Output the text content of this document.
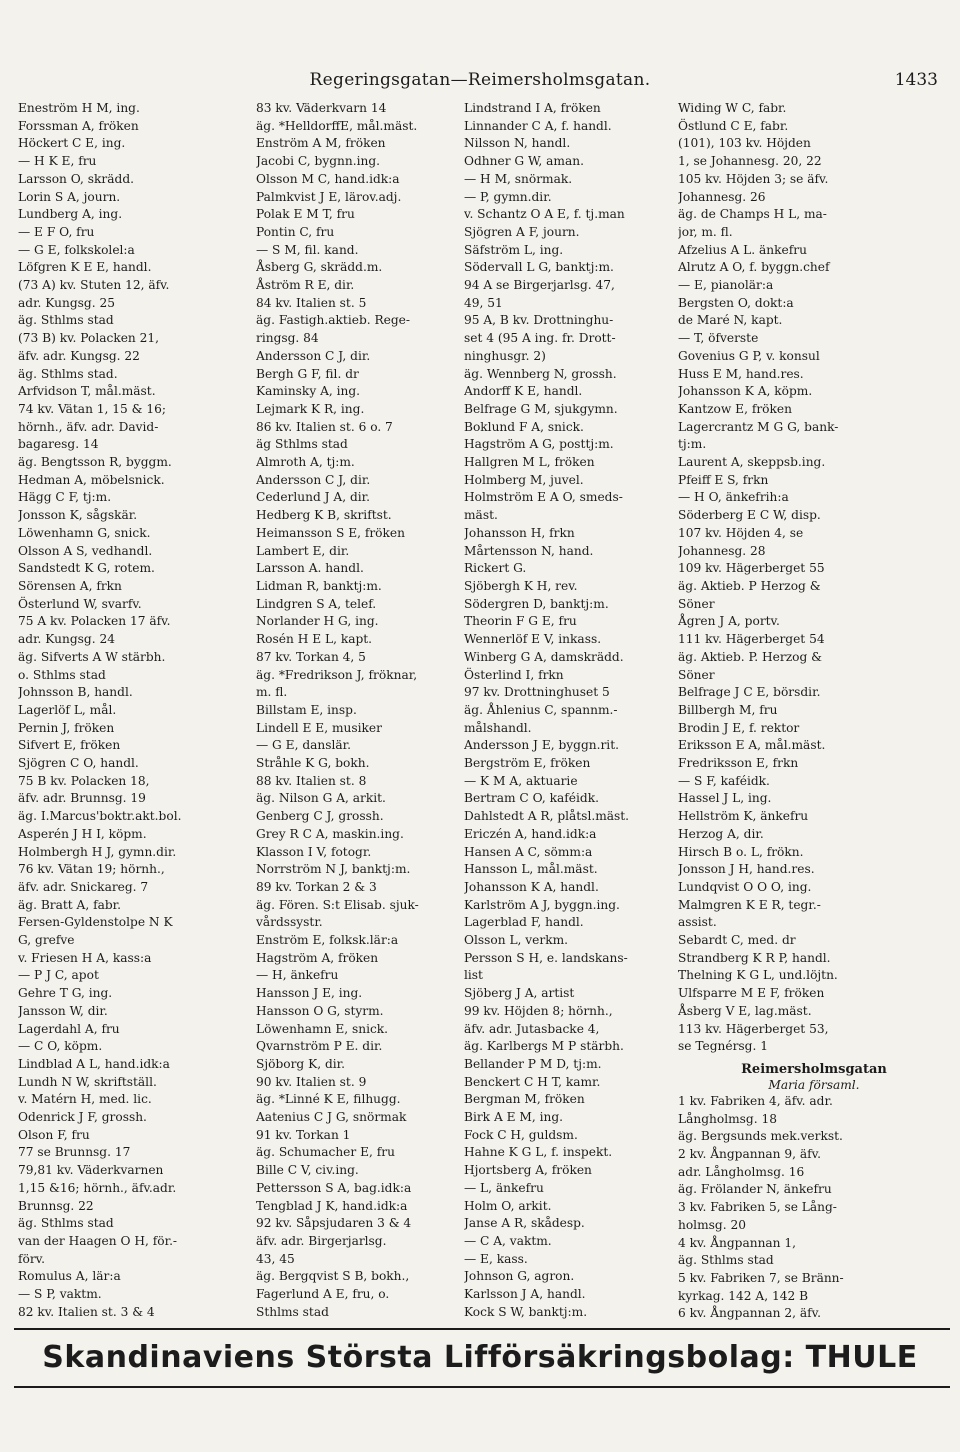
Regeringsgatan—Reimersholmsgatan.	1433

Eneström H M, ing.

Forssman A, fröken

Höckert C E, ing.

— H K E, fru

Larsson O, skrädd.

Lorin S A, journ.

Lundberg A, ing.

— E F O, fru

— G E, folkskolel:a

Löfgren K E E, handl.

(73 A) kv. Stuten 12, äfv.

adr. Kungsg. 25

äg. Sthlms stad

(73 B) kv. Polacken 21,

äfv. adr. Kungsg. 22

äg. Sthlms stad.

Arfvidson T, mål.mäst.

74 kv. Vätan 1, 15 & 16;

hörnh., äfv. adr. David-

bagaresg. 14

äg. Bengtsson R, byggm.

Hedman A, möbelsnick.

Hägg C F, tj:m.

Jonsson K, sågskär.

Löwenhamn G, snick.

Olsson A S, vedhandl.

Sandstedt K G, rotem.

Sörensen A, frkn

Österlund W, svarfv.

75 A kv. Polacken 17 äfv.

adr. Kungsg. 24

äg. Sifverts A W stärbh.

o. Sthlms stad

Johnsson B, handl.

Lagerlöf L, mål.

Pernin J, fröken

Sifvert E, fröken

Sjögren C O, handl.

75 B kv. Polacken 18,

äfv. adr. Brunnsg. 19

äg. I.Marcus'boktr.akt.bol.

Asperén J H I, köpm.

Holmbergh H J, gymn.dir.

76 kv. Vätan 19; hörnh.,

äfv. adr. Snickareg. 7

äg. Bratt A, fabr.

Fersen-Gyldenstolpe N K

G, grefve

v. Friesen H A, kass:a

— P J C, apot

Gehre T G, ing.

Jansson W, dir.

Lagerdahl A, fru

— C O, köpm.

Lindblad A L, hand.idk:a

Lundh N W, skriftställ.

v. Matérn H, med. lic.

Odenrick J F, grossh.

Olson F, fru

77 se Brunnsg. 17

79,81 kv. Väderkvarnen

1,15 &16; hörnh., äfv.adr.

Brunnsg. 22

äg. Sthlms stad

van der Haagen O H, för.-

förv.

Romulus A, lär:a

— S P, vaktm.

82 kv. Italien st. 3 & 4

83 kv. Väderkvarn 14

äg. *HelldorffE, mål.mäst.

Enström A M, fröken

Jacobi C, bygnn.ing.

Olsson M C, hand.idk:a

Palmkvist J E, lärov.adj.

Polak E M T, fru

Pontin C, fru

— S M, fil. kand.

Åsberg G, skrädd.m.

Åström R E, dir.

84 kv. Italien st. 5

äg. Fastigh.aktieb. Rege-

ringsg. 84

Andersson C J, dir.

Bergh G F, fil. dr

Kaminsky A, ing.

Lejmark K R, ing.

86 kv. Italien st. 6 o. 7

äg Sthlms stad

Almroth A, tj:m.

Andersson C J, dir.

Cederlund J A, dir.

Hedberg K B, skriftst.

Heimansson S E, fröken

Lambert E, dir.

Larsson A. handl.

Lidman R, banktj:m.

Lindgren S A, telef.

Norlander H G, ing.

Rosén H E L, kapt.

87 kv. Torkan 4, 5

äg. *Fredrikson J, fröknar,

m. fl.

Billstam E, insp.

Lindell E E, musiker

— G E, danslär.

Stråhle K G, bokh.

88 kv. Italien st. 8

äg. Nilson G A, arkit.

Genberg C J, grossh.

Grey R C A, maskin.ing.

Klasson I V, fotogr.

Norrström N J, banktj:m.

89 kv. Torkan 2 & 3

äg. Fören. S:t Elisab. sjuk-

vårdssystr.

Enström E, folksk.lär:a

Hagström A, fröken

— H, änkefru

Hansson J E, ing.

Hansson O G, styrm.

Löwenhamn E, snick.

Qvarnström P E. dir.

Sjöborg K, dir.

90 kv. Italien st. 9

äg. *Linné K E, filhugg.

Aatenius C J G, snörmak

91 kv. Torkan 1

äg. Schumacher E, fru

Bille C V, civ.ing.

Pettersson S A, bag.idk:a

Tengblad J K, hand.idk:a

92 kv. Såpsjudaren 3 & 4

äfv. adr. Birgerjarlsg.

43, 45

äg. Bergqvist S B, bokh.,

Fagerlund A E, fru, o.

Sthlms stad

Lindstrand I A, fröken

Linnander C A, f. handl.

Nilsson N, handl.

Odhner G W, aman.

— H M, snörmak.

— P, gymn.dir.

v. Schantz O A E, f. tj.man

Sjögren A F, journ.

Säfström L, ing.

Södervall L G, banktj:m.

94 A se Birgerjarlsg. 47,

49, 51

95 A, B kv. Drottninghu-

set 4 (95 A ing. fr. Drott-

ninghusgr. 2)

äg. Wennberg N, grossh.

Andorff K E, handl.

Belfrage G M, sjukgymn.

Boklund F A, snick.

Hagström A G, posttj:m.

Hallgren M L, fröken

Holmberg M, juvel.

Holmström E A O, smeds-

mäst.

Johansson H, frkn

Mårtensson N, hand.

Rickert G.

Sjöbergh K H, rev.

Södergren D, banktj:m.

Theorin F G E, fru

Wennerlöf E V, inkass.

Winberg G A, damskrädd.

Österlind I, frkn

97 kv. Drottninghuset 5

äg. Åhlenius C, spannm.-

målshandl.

Andersson J E, byggn.rit.

Bergström E, fröken

— K M A, aktuarie

Bertram C O, kaféidk.

Dahlstedt A R, plåtsl.mäst.

Ericzén A, hand.idk:a

Hansen A C, sömm:a

Hansson L, mål.mäst.

Johansson K A, handl.

Karlström A J, byggn.ing.

Lagerblad F, handl.

Olsson L, verkm.

Persson S H, e. landskans-

list

Sjöberg J A, artist

99 kv. Höjden 8; hörnh.,

äfv. adr. Jutasbacke 4,

äg. Karlbergs M P stärbh.

Bellander P M D, tj:m.

Benckert C H T, kamr.

Bergman M, fröken

Birk A E M, ing.

Fock C H, guldsm.

Hahne K G L, f. inspekt.

Hjortsberg A, fröken

— L, änkefru

Holm O, arkit.

Janse A R, skådesp.

— C A, vaktm.

— E, kass.

Johnson G, agron.

Karlsson J A, handl.

Kock S W, banktj:m.

Widing W C, fabr.

Östlund C E, fabr.

(101), 103 kv. Höjden

1, se Johannesg. 20, 22

105 kv. Höjden 3; se äfv.

Johannesg. 26

äg. de Champs H L, ma-

jor, m. fl.

Afzelius A L. änkefru

Alrutz A O, f. byggn.chef

— E, pianolär:a

Bergsten O, dokt:a

de Maré N, kapt.

— T, öfverste

Govenius G P, v. konsul

Huss E M, hand.res.

Johansson K A, köpm.

Kantzow E, fröken

Lagercrantz M G G, bank-

tj:m.

Laurent A, skeppsb.ing.

Pfeiff E S, frkn

— H O, änkefrih:a

Söderberg E C W, disp.

107 kv. Höjden 4, se

Johannesg. 28

109 kv. Hägerberget 55

äg. Aktieb. P Herzog &

Söner

Ågren J A, portv.

111 kv. Hägerberget 54

äg. Aktieb. P. Herzog &

Söner

Belfrage J C E, börsdir.

Billbergh M, fru

Brodin J E, f. rektor

Eriksson E A, mål.mäst.

Fredriksson E, frkn

— S F, kaféidk.

Hassel J L, ing.

Hellström K, änkefru

Herzog A, dir.

Hirsch B o. L, frökn.

Jonsson J H, hand.res.

Lundqvist O O O, ing.

Malmgren K E R, tegr.-

assist.

Sebardt C, med. dr

Strandberg K R P, handl.

Thelning K G L, und.löjtn.

Ulfsparre M E F, fröken

Åsberg V E, lag.mäst.

113 kv. Hägerberget 53,

se Tegnérsg. 1

Reimersholmsgatan

Maria församl.

1 kv. Fabriken 4, äfv. adr.

Långholmsg. 18

äg. Bergsunds mek.verkst.

2 kv. Ångpannan 9, äfv.

adr. Långholmsg. 16

äg. Frölander N, änkefru

3 kv. Fabriken 5, se Lång-

holmsg. 20

4 kv. Ångpannan 1,

äg. Sthlms stad

5 kv. Fabriken 7, se Bränn-

kyrkag. 142 A, 142 B

6 kv. Ångpannan 2, äfv.

Skandinaviens Största Lifförsäkringsbolag: THULE
